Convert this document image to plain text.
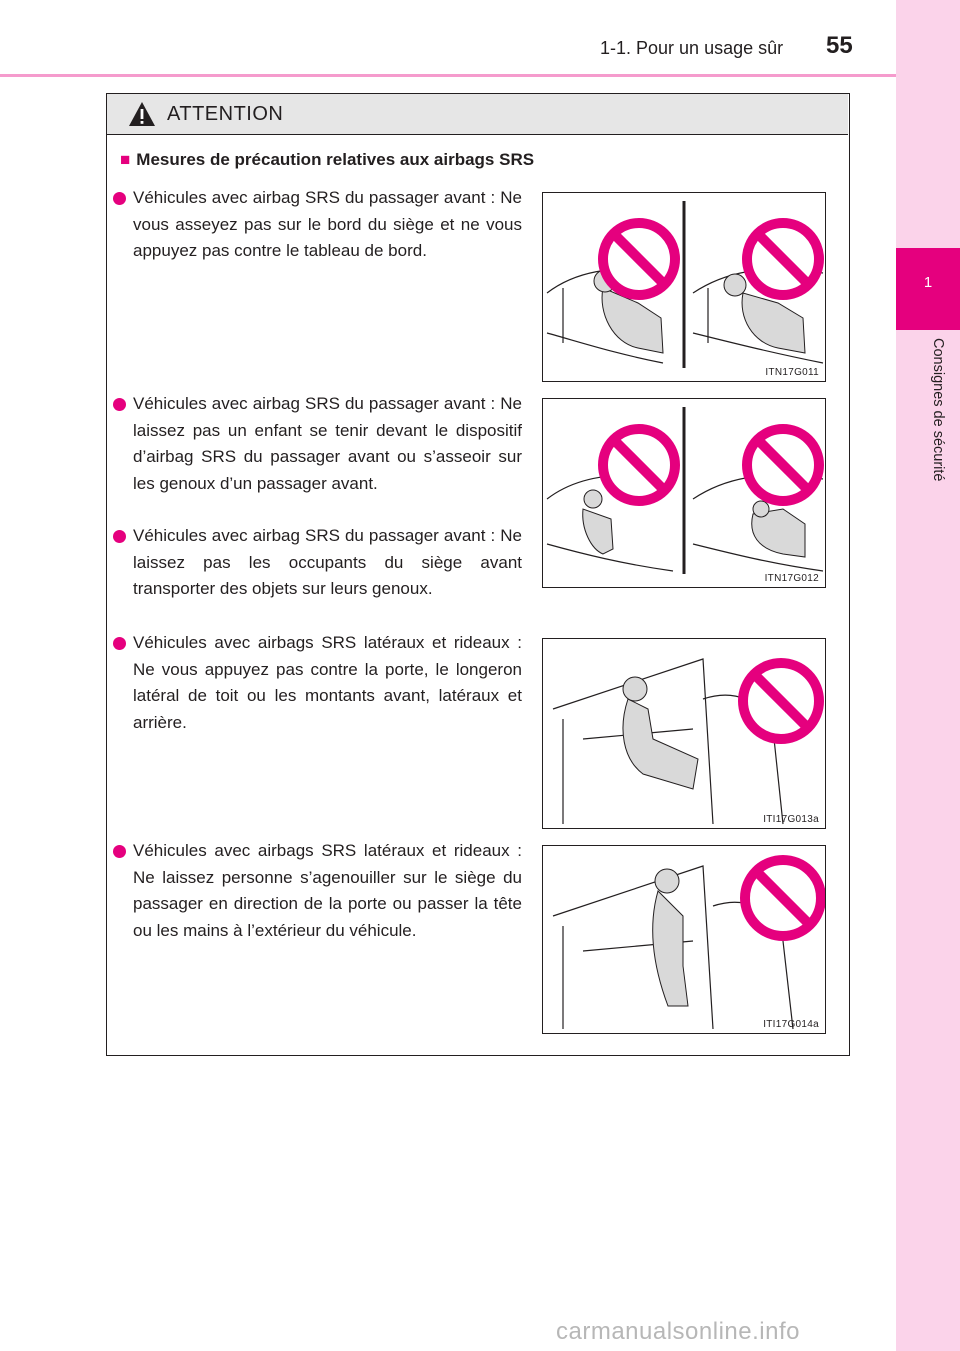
1-1. Pour un usage sûr 55
1
Consignes de sécurité
ATTENTION
■ Mesures de précaution relatives aux airbags SRS

Véhicules avec airbag SRS du passager avant : Ne vous asseyez pas sur le bord du siège et ne vous appuyez pas contre le tableau de bord.

Véhicules avec airbag SRS du passager avant : Ne laissez pas un enfant se tenir devant le dispositif d’airbag SRS du passager avant ou s’asseoir sur les genoux d’un passager avant.

Véhicules avec airbag SRS du passager avant : Ne laissez pas les occupants du siège avant transporter des objets sur leurs genoux.

Véhicules avec airbags SRS latéraux et rideaux : Ne vous appuyez pas contre la porte, le longeron latéral de toit ou les montants avant, latéraux et arrière.

Véhicules avec airbags SRS latéraux et rideaux : Ne laissez personne s’agenouiller sur le siège du passager en direction de la porte ou passer la tête ou les mains à l’extérieur du véhicule.

ITN17G011
ITN17G012
ITI17G013a
ITI17G014a
carmanualsonline.info
